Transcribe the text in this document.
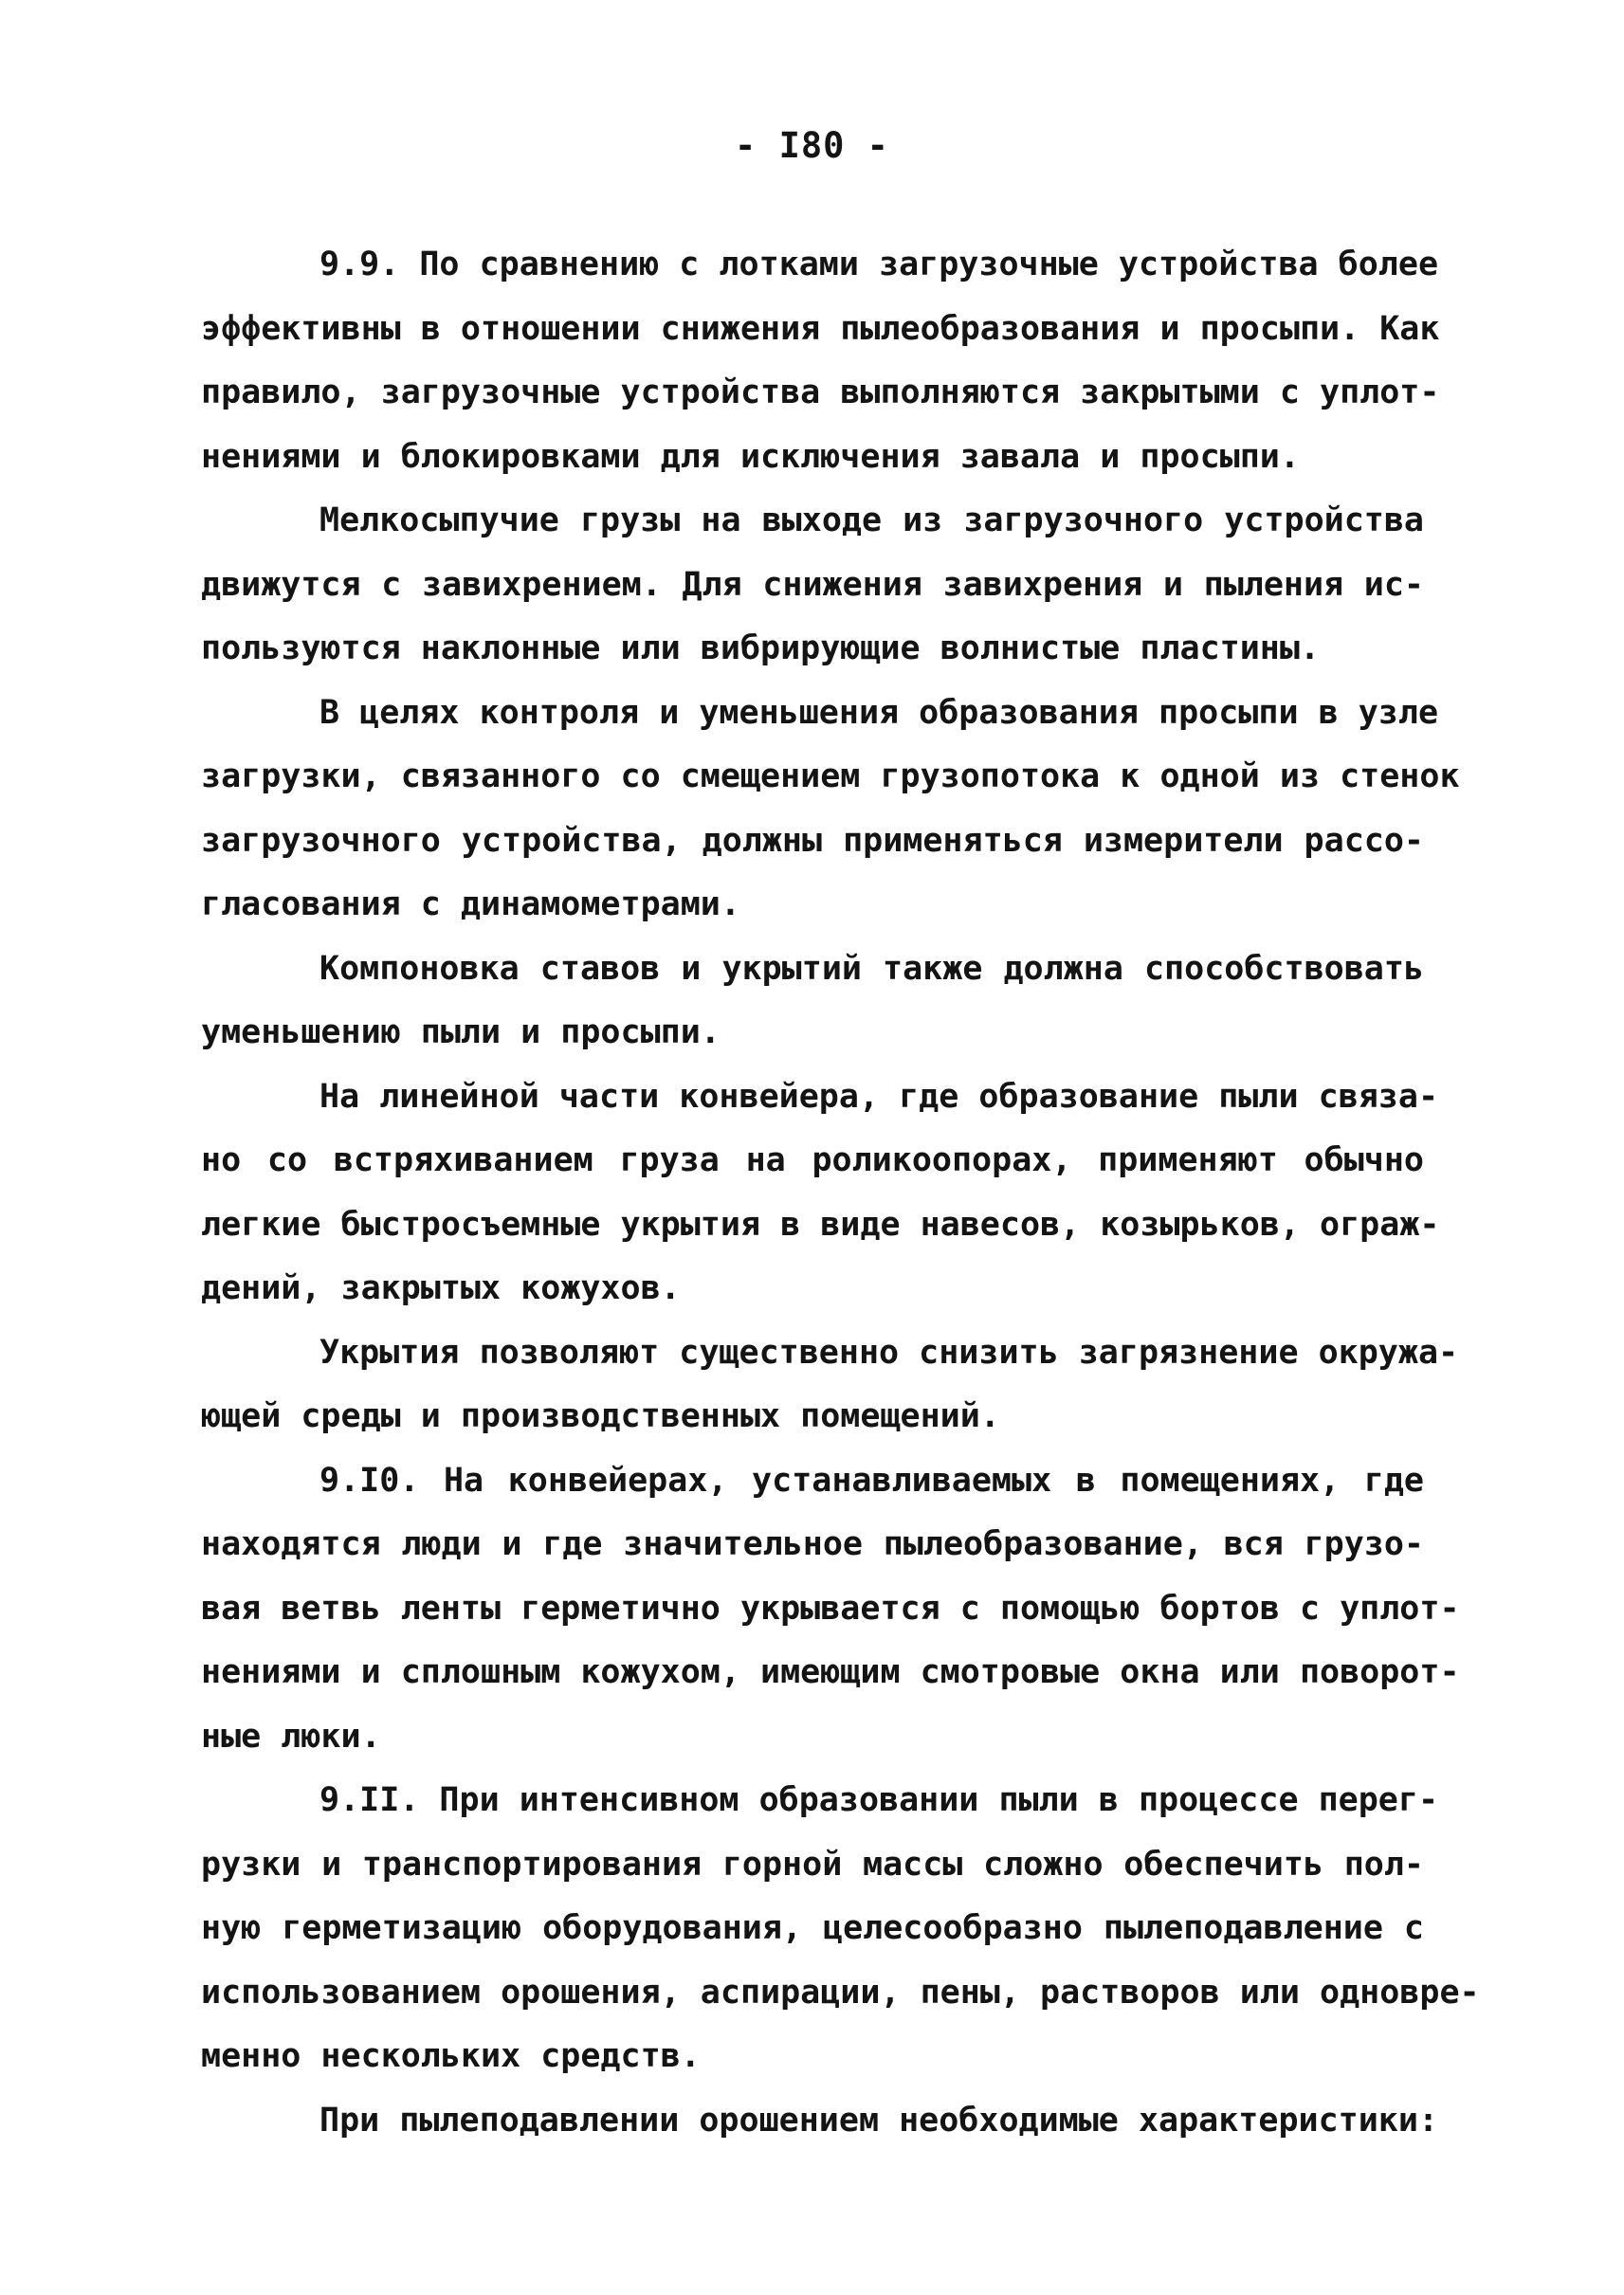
- I80 -
9.9. По сравнению с лотками загрузочные устройства более
эффективны в отношении снижения пылеобразования и просыпи. Как
правило, загрузочные устройства выполняются закрытыми с уплот-
нениями и блокировками для исключения завала и просыпи.
Мелкосыпучие грузы на выходе из загрузочного устройства
движутся с завихрением. Для снижения завихрения и пыления ис-
пользуются наклонные или вибрирующие волнистые пластины.
В целях контроля и уменьшения образования просыпи в узле
загрузки, связанного со смещением грузопотока к одной из стенок
загрузочного устройства, должны применяться измерители рассо-
гласования с динамометрами.
Компоновка ставов и укрытий также должна способствовать
уменьшению пыли и просыпи.
На линейной части конвейера, где образование пыли связа-
но со встряхиванием груза на роликоопорах, применяют обычно
легкие быстросъемные укрытия в виде навесов, козырьков, ограж-
дений, закрытых кожухов.
Укрытия позволяют существенно снизить загрязнение окружа-
ющей среды и производственных помещений.
9.I0. На конвейерах, устанавливаемых в помещениях, где
находятся люди и где значительное пылеобразование, вся грузо-
вая ветвь ленты герметично укрывается с помощью бортов с уплот-
нениями и сплошным кожухом, имеющим смотровые окна или поворот-
ные люки.
9.II. При интенсивном образовании пыли в процессе перег-
рузки и транспортирования горной массы сложно обеспечить пол-
ную герметизацию оборудования, целесообразно пылеподавление с
использованием орошения, аспирации, пены, растворов или одновре-
менно нескольких средств.
При пылеподавлении орошением необходимые характеристики:
